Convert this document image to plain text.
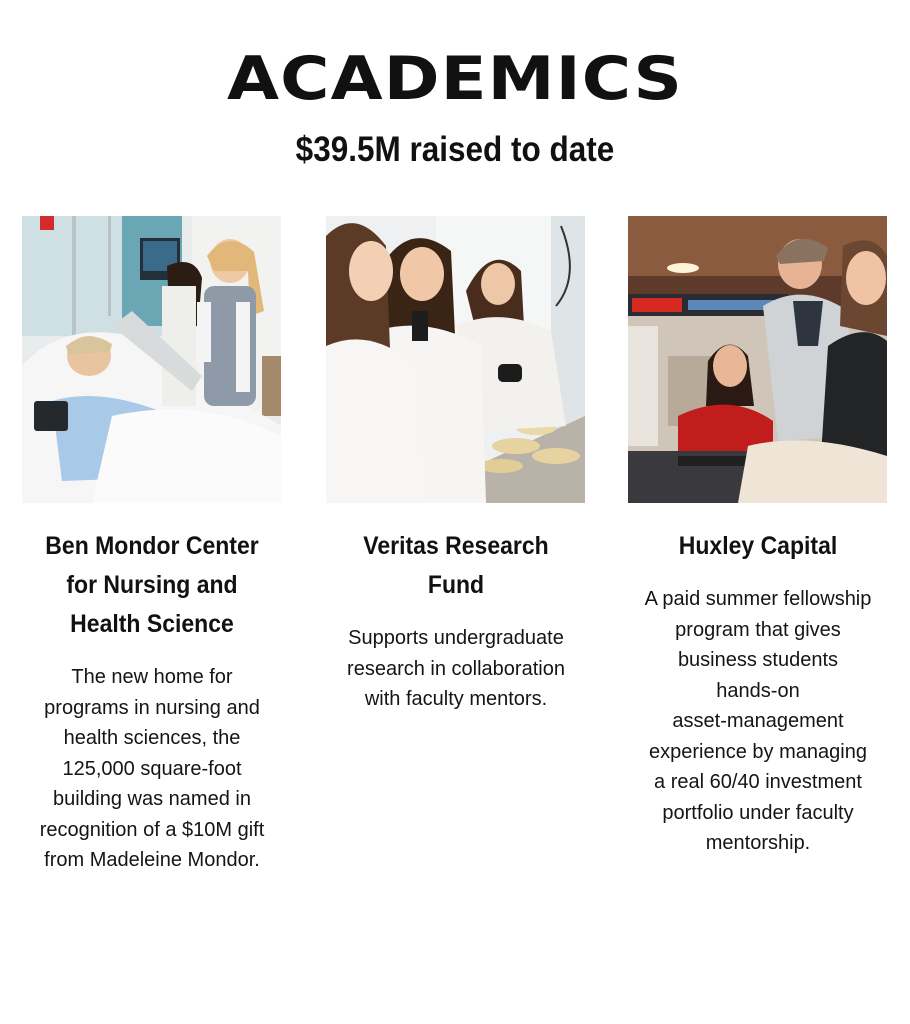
ACADEMICS
$39.5M raised to date
Ben Mondor Center
for Nursing and
Health Science
The new home for
programs in nursing and
health sciences, the
125,000 square-foot
building was named in
recognition of a $10M gift
from Madeleine Mondor.
Veritas Research
Fund
Supports undergraduate
research in collaboration
with faculty mentors.
Huxley Capital
A paid summer fellowship
program that gives
business students
hands-on
asset-management
experience by managing
a real 60/40 investment
portfolio under faculty
mentorship.
